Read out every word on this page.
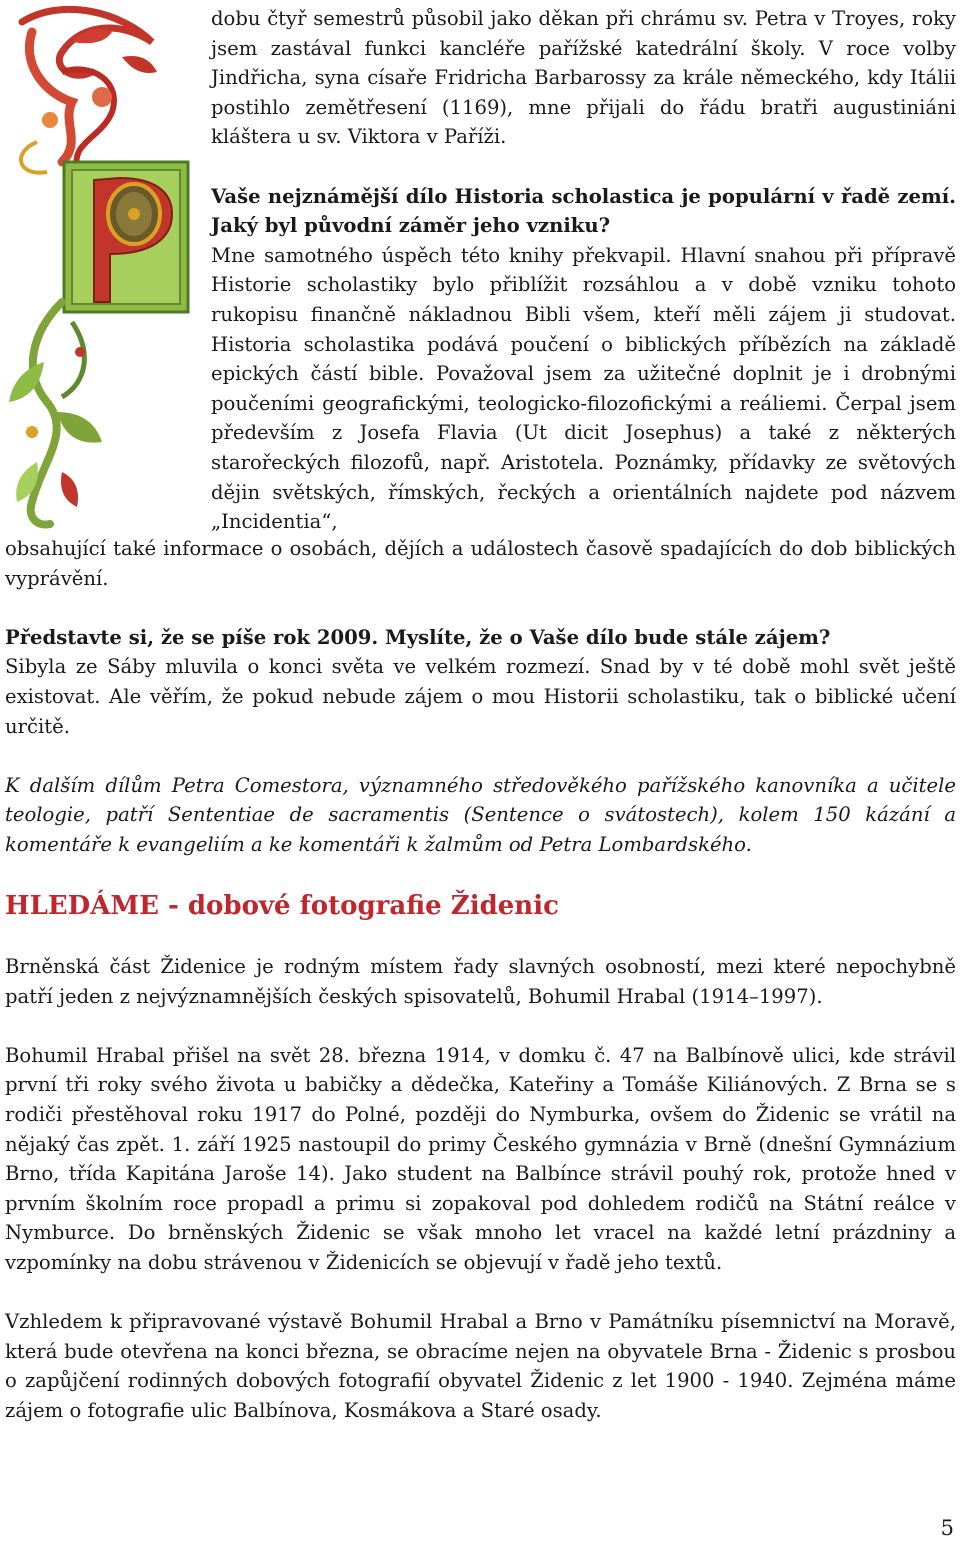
dobu čtyř semestrů působil jako děkan při chrámu sv. Petra v Troyes, roky jsem zastával funkci kancléře pařížské katedrální školy. V roce volby Jindřicha, syna císaře Fridricha Barbarossy za krále německého, kdy Itálii postihlo zemětřesení (1169), mne přijali do řádu bratři augustiniáni kláštera u sv. Viktora v Paříži.

Vaše nejznámější dílo Historia scholastica je populární v řadě zemí. Jaký byl původní záměr jeho vzniku?

Mne samotného úspěch této knihy překvapil. Hlavní snahou při přípravě Historie scholastiky bylo přiblížit rozsáhlou a v době vzniku tohoto rukopisu finančně nákladnou Bibli všem, kteří měli zájem ji studovat. Historia scholastika podává poučení o biblických příbězích na základě epických částí bible. Považoval jsem za užitečné doplnit je i drobnými poučeními geografickými, teologicko-filozofickými a reáliemi. Čerpal jsem především z Josefa Flavia (Ut dicit Josephus) a také z některých starořeckých filozofů, např. Aristotela. Poznámky, přídavky ze světových dějin světských, římských, řeckých a orientálních najdete pod názvem „Incidentia“,

obsahující také informace o osobách, dějích a událostech časově spadajících do dob biblických vyprávění.

Představte si, že se píše rok 2009. Myslíte, že o Vaše dílo bude stále zájem?

Sibyla ze Sáby mluvila o konci světa ve velkém rozmezí. Snad by v té době mohl svět ještě existovat. Ale věřím, že pokud nebude zájem o mou Historii scholastiku, tak o biblické učení určitě.

K dalším dílům Petra Comestora, významného středověkého pařížského kanovníka a učitele teologie, patří Sententiae de sacramentis (Sentence o svátostech), kolem 150 kázání a komentáře k evangeliím a ke komentáři k žalmům od Petra Lombardského.

HLEDÁME - dobové fotografie Židenic

Brněnská část Židenice je rodným místem řady slavných osobností, mezi které nepochybně patří jeden z nejvýznamnějších českých spisovatelů, Bohumil Hrabal (1914–1997).

Bohumil Hrabal přišel na svět 28. března 1914, v domku č. 47 na Balbínově ulici, kde strávil první tři roky svého života u babičky a dědečka, Kateřiny a Tomáše Kiliánových. Z Brna se s rodiči přestěhoval roku 1917 do Polné, později do Nymburka, ovšem do Židenic se vrátil na nějaký čas zpět. 1. září 1925 nastoupil do primy Českého gymnázia v Brně (dnešní Gymnázium Brno, třída Kapitána Jaroše 14). Jako student na Balbínce strávil pouhý rok, protože hned v prvním školním roce propadl a primu si zopakoval pod dohledem rodičů na Státní reálce v Nymburce. Do brněnských Židenic se však mnoho let vracel na každé letní prázdniny a vzpomínky na dobu strávenou v Židenicích se objevují v řadě jeho textů.

Vzhledem k připravované výstavě Bohumil Hrabal a Brno v Památníku písemnictví na Moravě, která bude otevřena na konci března, se obracíme nejen na obyvatele Brna - Židenic s prosbou o zapůjčení rodinných dobových fotografií obyvatel Židenic z let 1900 - 1940. Zejména máme zájem o fotografie ulic Balbínova, Kosmákova a Staré osady.

5
